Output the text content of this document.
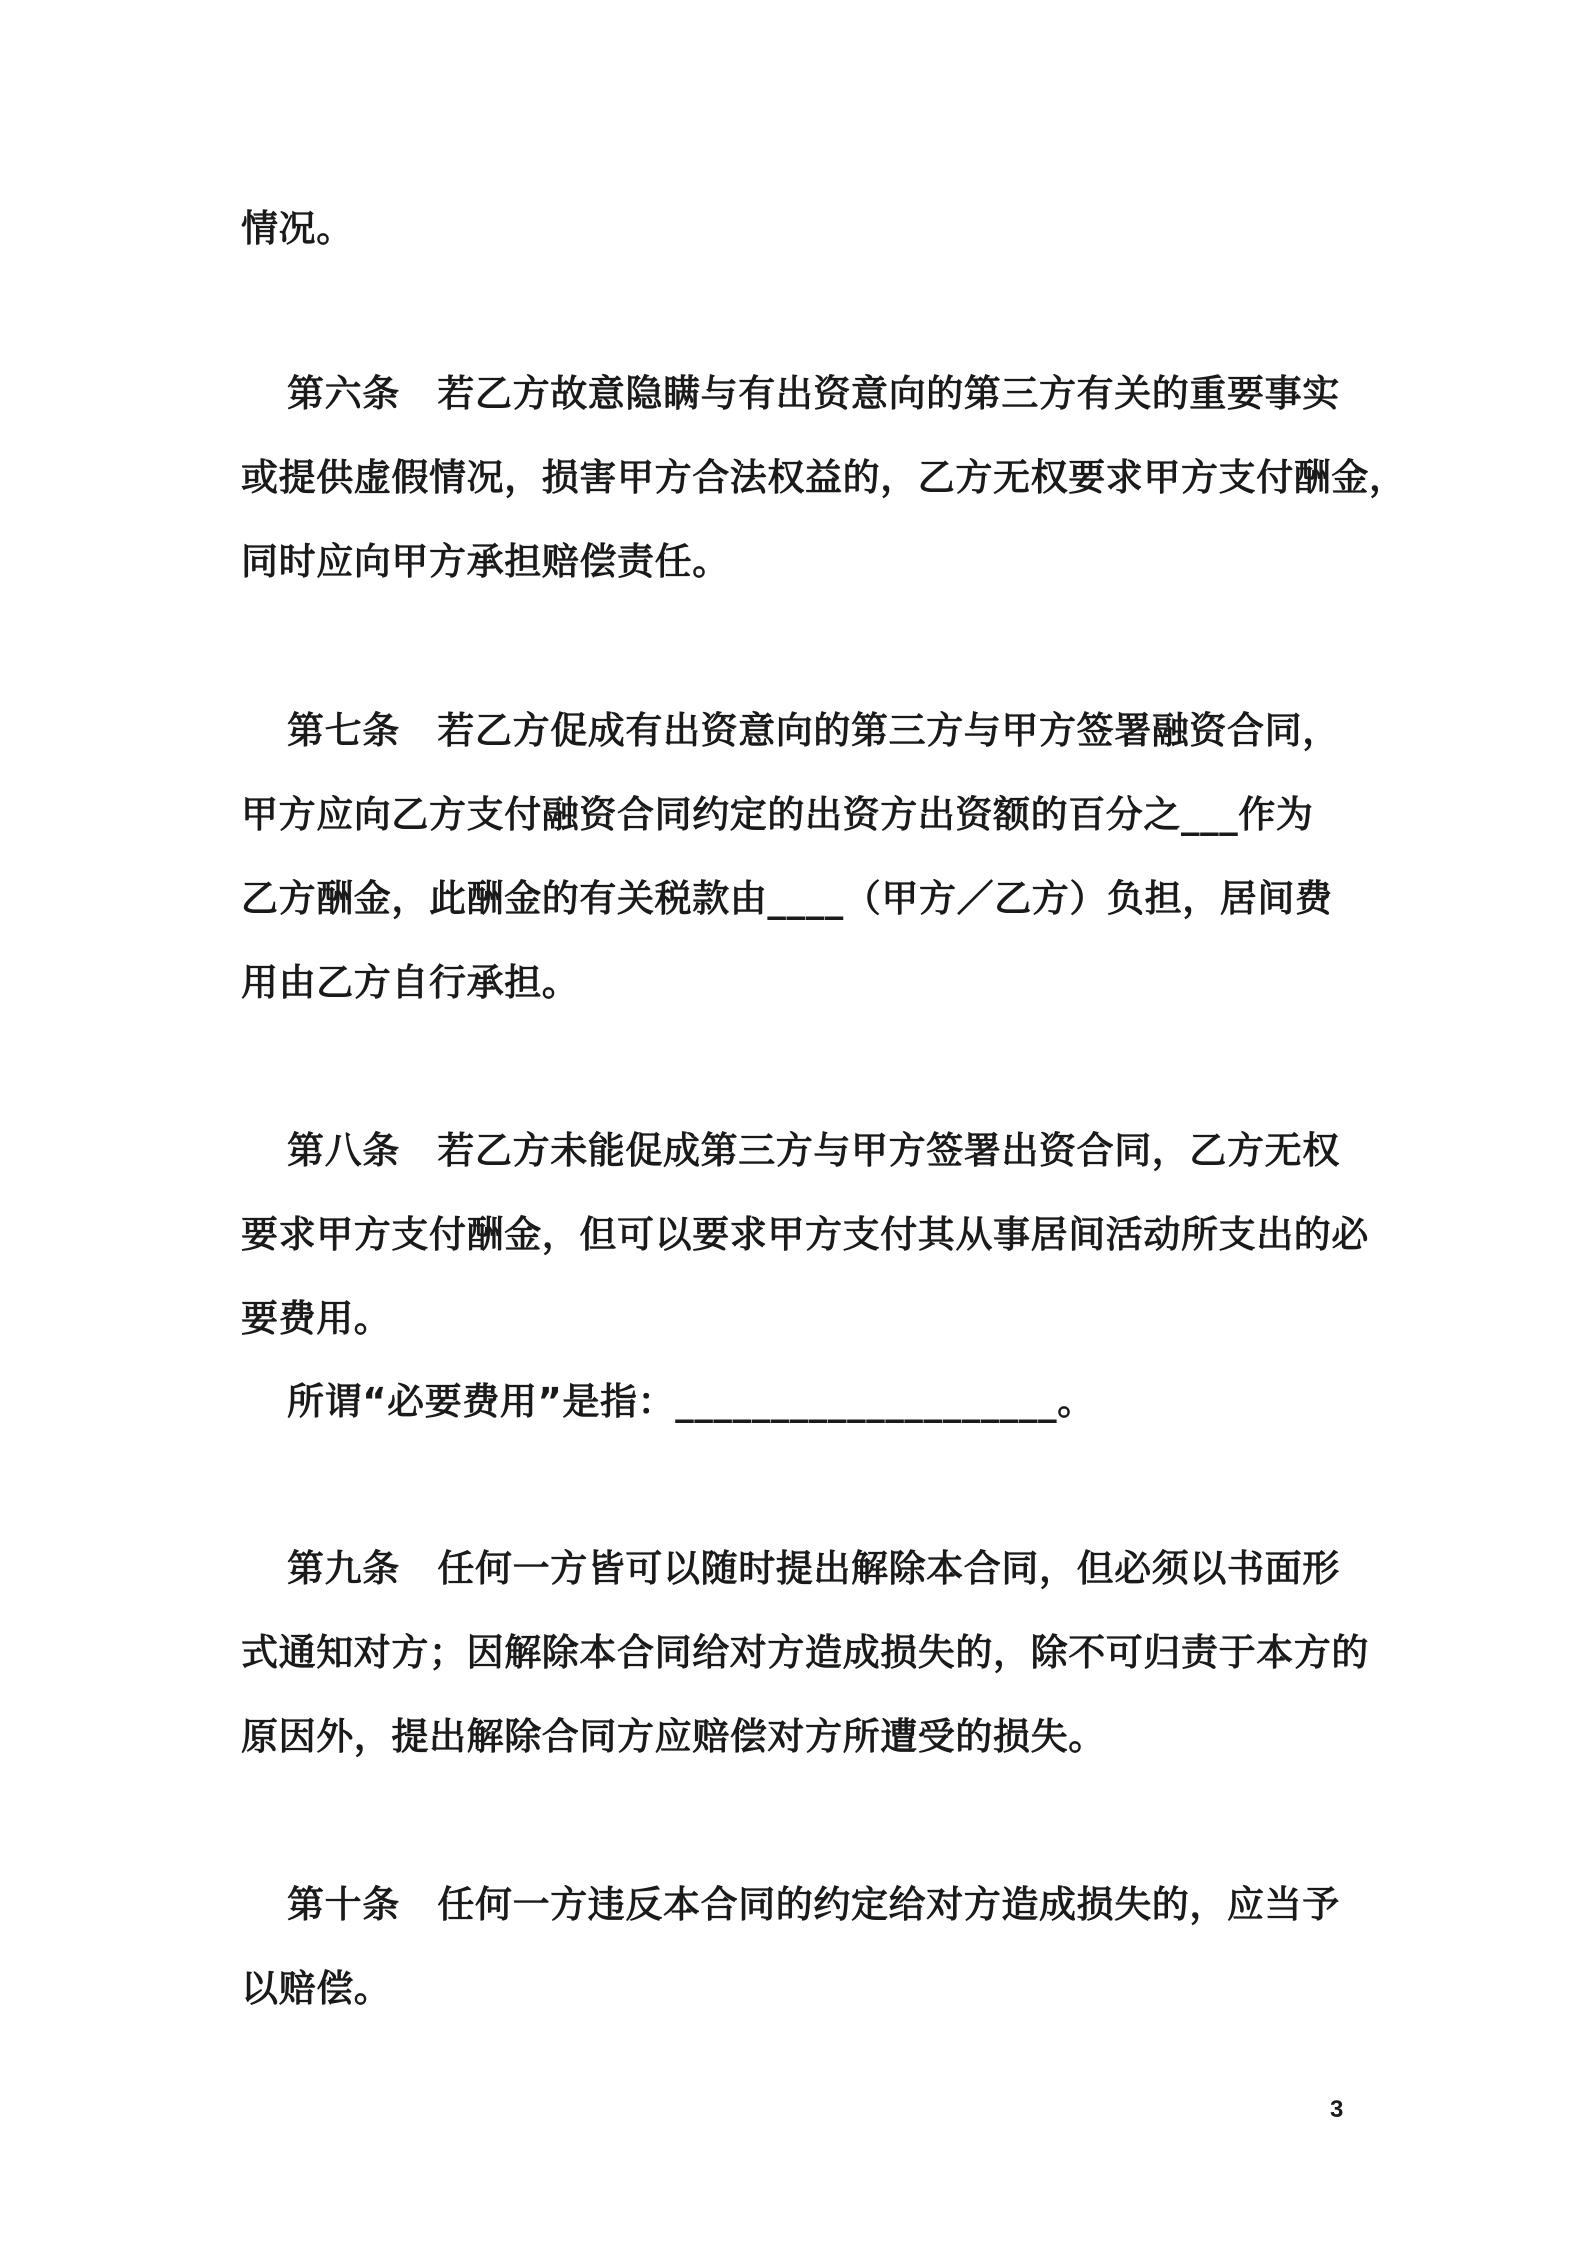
情况。
第六条　若乙方故意隐瞒与有出资意向的第三方有关的重要事实
或提供虚假情况，损害甲方合法权益的，乙方无权要求甲方支付酬金，
同时应向甲方承担赔偿责任。
第七条　若乙方促成有出资意向的第三方与甲方签署融资合同，
甲方应向乙方支付融资合同约定的出资方出资额的百分之___作为
乙方酬金，此酬金的有关税款由____（甲方／乙方）负担，居间费
用由乙方自行承担。
第八条　若乙方未能促成第三方与甲方签署出资合同，乙方无权
要求甲方支付酬金，但可以要求甲方支付其从事居间活动所支出的必
要费用。
所谓“必要费用”是指：____________________。
第九条　任何一方皆可以随时提出解除本合同，但必须以书面形
式通知对方；因解除本合同给对方造成损失的，除不可归责于本方的
原因外，提出解除合同方应赔偿对方所遭受的损失。
第十条　任何一方违反本合同的约定给对方造成损失的，应当予
以赔偿。
3
